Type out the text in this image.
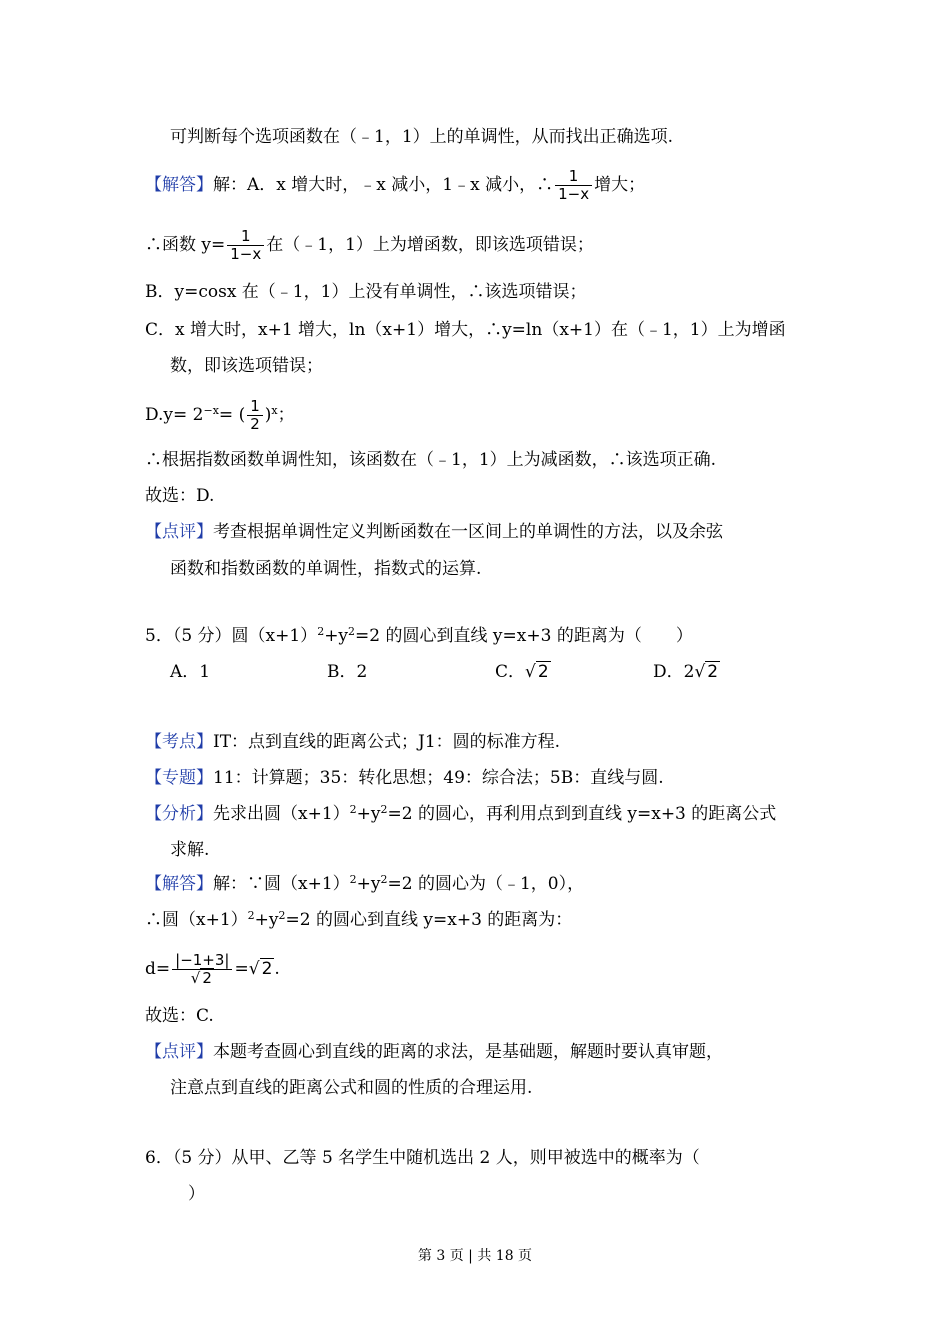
可判断每个选项函数在（﹣1，1）上的单调性，从而找出正确选项.
【解答】解：A．x 增大时，﹣x 减小，1﹣x 减小，∴ $\frac{1}{1-x}$ 增大；
∴函数 $y= \frac{1}{1-x}$ 在（﹣1，1）上为增函数，即该选项错误；
B．y=cosx 在（﹣1，1）上没有单调性，∴该选项错误；
C．x 增大时，x+1 增大，ln（x+1）增大，∴y=ln（x+1）在（﹣1，1）上为增函
数，即该选项错误；
$D.y= 2^{-x}=$ ( $\frac{1}{2} )^x$；
∴根据指数函数单调性知，该函数在（﹣1，1）上为减函数，∴该选项正确.
故选：D.
【点评】考查根据单调性定义判断函数在一区间上的单调性的方法，以及余弦
函数和指数函数的单调性，指数式的运算.
5．（5 分）圆$(x+1)^2+y^2=2$ 的圆心到直线 y=x+3 的距离为（　　）
A．1	B．2	C．√ 2	D．2√ 2
【考点】IT：点到直线的距离公式；J1：圆的标准方程.
【专题】11：计算题；35：转化思想；49：综合法；5B：直线与圆.
【分析】先求出圆$(x+1)^2+y^2=2$ 的圆心，再利用点到到直线 y=x+3 的距离公式
求解.
【解答】解：∵圆$(x+1)^2+y^2=2$ 的圆心为（﹣1，0），
∴圆$(x+1)^2+y^2=2$ 的圆心到直线 y=x+3 的距离为：
$d= \frac{|-1+3|}{√ 2}$ =√ 2 .
故选：C.
【点评】本题考查圆心到直线的距离的求法，是基础题，解题时要认真审题，
注意点到直线的距离公式和圆的性质的合理运用.
6．（5 分）从甲、乙等 5 名学生中随机选出 2 人，则甲被选中的概率为（
）
第 3 页 | 共 18 页
